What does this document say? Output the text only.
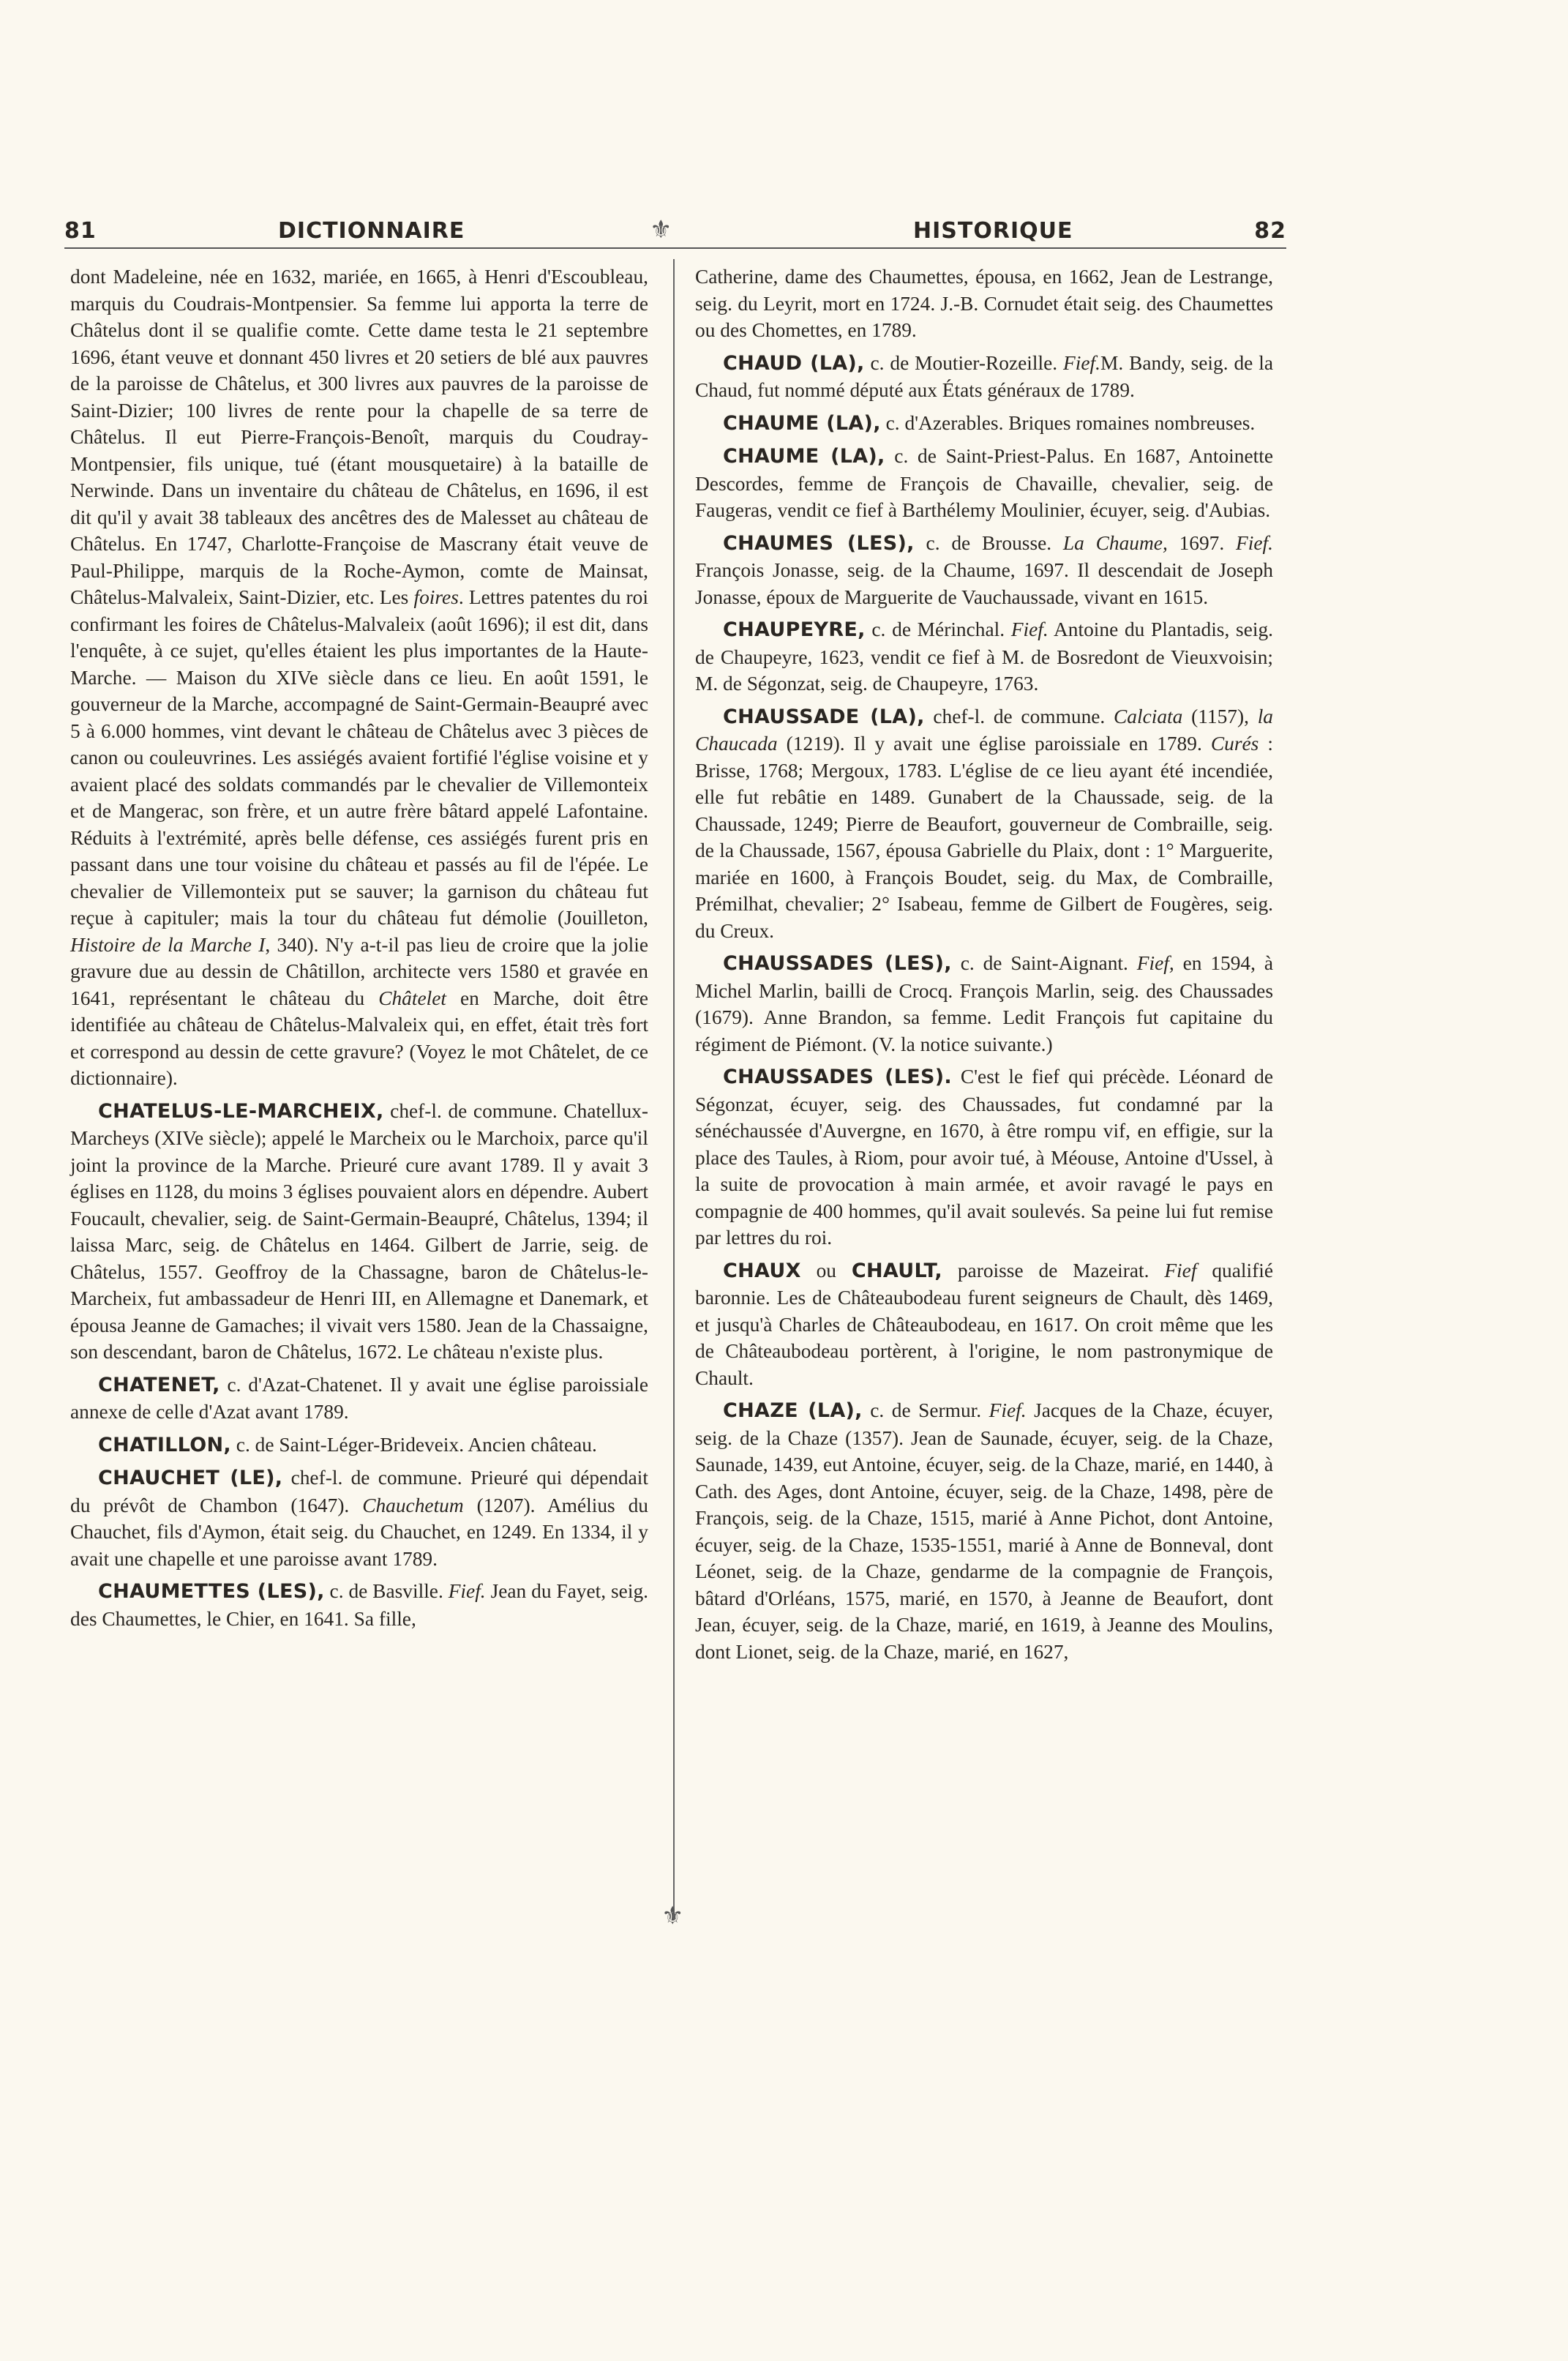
81	DICTIONNAIRE	HISTORIQUE	82
⚜
⚜

dont Madeleine, née en 1632, mariée, en 1665, à Henri d'Escoubleau, marquis du Coudrais-Montpensier. Sa femme lui apporta la terre de Châtelus dont il se qualifie comte. Cette dame testa le 21 septembre 1696, étant veuve et donnant 450 livres et 20 setiers de blé aux pauvres de la paroisse de Châtelus, et 300 livres aux pauvres de la paroisse de Saint-Dizier; 100 livres de rente pour la chapelle de sa terre de Châtelus. Il eut Pierre-François-Benoît, marquis du Coudray-Montpensier, fils unique, tué (étant mousquetaire) à la bataille de Nerwinde. Dans un inventaire du château de Châtelus, en 1696, il est dit qu'il y avait 38 tableaux des ancêtres des de Malesset au château de Châtelus. En 1747, Charlotte-Françoise de Mascrany était veuve de Paul-Philippe, marquis de la Roche-Aymon, comte de Mainsat, Châtelus-Malvaleix, Saint-Dizier, etc. Les foires. Lettres patentes du roi confirmant les foires de Châtelus-Malvaleix (août 1696); il est dit, dans l'enquête, à ce sujet, qu'elles étaient les plus importantes de la Haute-Marche. — Maison du XIVe siècle dans ce lieu. En août 1591, le gouverneur de la Marche, accompagné de Saint-Germain-Beaupré avec 5 à 6.000 hommes, vint devant le château de Châtelus avec 3 pièces de canon ou couleuvrines. Les assiégés avaient fortifié l'église voisine et y avaient placé des soldats commandés par le chevalier de Villemonteix et de Mangerac, son frère, et un autre frère bâtard appelé Lafontaine. Réduits à l'extrémité, après belle défense, ces assiégés furent pris en passant dans une tour voisine du château et passés au fil de l'épée. Le chevalier de Villemonteix put se sauver; la garnison du château fut reçue à capituler; mais la tour du château fut démolie (Jouilleton, Histoire de la Marche I, 340). N'y a-t-il pas lieu de croire que la jolie gravure due au dessin de Châtillon, architecte vers 1580 et gravée en 1641, représentant le château du Châtelet en Marche, doit être identifiée au château de Châtelus-Malvaleix qui, en effet, était très fort et correspond au dessin de cette gravure? (Voyez le mot Châtelet, de ce dictionnaire).

CHATELUS-LE-MARCHEIX, chef-l. de commune. Chatellux-Marcheys (XIVe siècle); appelé le Marcheix ou le Marchoix, parce qu'il joint la province de la Marche. Prieuré cure avant 1789. Il y avait 3 églises en 1128, du moins 3 églises pouvaient alors en dépendre. Aubert Foucault, chevalier, seig. de Saint-Germain-Beaupré, Châtelus, 1394; il laissa Marc, seig. de Châtelus en 1464. Gilbert de Jarrie, seig. de Châtelus, 1557. Geoffroy de la Chassagne, baron de Châtelus-le-Marcheix, fut ambassadeur de Henri III, en Allemagne et Danemark, et épousa Jeanne de Gamaches; il vivait vers 1580. Jean de la Chassaigne, son descendant, baron de Châtelus, 1672. Le château n'existe plus.

CHATENET, c. d'Azat-Chatenet. Il y avait une église paroissiale annexe de celle d'Azat avant 1789.

CHATILLON, c. de Saint-Léger-Brideveix. Ancien château.

CHAUCHET (LE), chef-l. de commune. Prieuré qui dépendait du prévôt de Chambon (1647). Chauchetum (1207). Amélius du Chauchet, fils d'Aymon, était seig. du Chauchet, en 1249. En 1334, il y avait une chapelle et une paroisse avant 1789.

CHAUMETTES (LES), c. de Basville. Fief. Jean du Fayet, seig. des Chaumettes, le Chier, en 1641. Sa fille,

Catherine, dame des Chaumettes, épousa, en 1662, Jean de Lestrange, seig. du Leyrit, mort en 1724. J.-B. Cornudet était seig. des Chaumettes ou des Chomettes, en 1789.

CHAUD (LA), c. de Moutier-Rozeille. Fief.M. Bandy, seig. de la Chaud, fut nommé député aux États généraux de 1789.

CHAUME (LA), c. d'Azerables. Briques romaines nombreuses.

CHAUME (LA), c. de Saint-Priest-Palus. En 1687, Antoinette Descordes, femme de François de Chavaille, chevalier, seig. de Faugeras, vendit ce fief à Barthélemy Moulinier, écuyer, seig. d'Aubias.

CHAUMES (LES), c. de Brousse. La Chaume, 1697. Fief. François Jonasse, seig. de la Chaume, 1697. Il descendait de Joseph Jonasse, époux de Marguerite de Vauchaussade, vivant en 1615.

CHAUPEYRE, c. de Mérinchal. Fief. Antoine du Plantadis, seig. de Chaupeyre, 1623, vendit ce fief à M. de Bosredont de Vieuxvoisin; M. de Ségonzat, seig. de Chaupeyre, 1763.

CHAUSSADE (LA), chef-l. de commune. Calciata (1157), la Chaucada (1219). Il y avait une église paroissiale en 1789. Curés : Brisse, 1768; Mergoux, 1783. L'église de ce lieu ayant été incendiée, elle fut rebâtie en 1489. Gunabert de la Chaussade, seig. de la Chaussade, 1249; Pierre de Beaufort, gouverneur de Combraille, seig. de la Chaussade, 1567, épousa Gabrielle du Plaix, dont : 1° Marguerite, mariée en 1600, à François Boudet, seig. du Max, de Combraille, Prémilhat, chevalier; 2° Isabeau, femme de Gilbert de Fougères, seig. du Creux.

CHAUSSADES (LES), c. de Saint-Aignant. Fief, en 1594, à Michel Marlin, bailli de Crocq. François Marlin, seig. des Chaussades (1679). Anne Brandon, sa femme. Ledit François fut capitaine du régiment de Piémont. (V. la notice suivante.)

CHAUSSADES (LES). C'est le fief qui précède. Léonard de Ségonzat, écuyer, seig. des Chaussades, fut condamné par la sénéchaussée d'Auvergne, en 1670, à être rompu vif, en effigie, sur la place des Taules, à Riom, pour avoir tué, à Méouse, Antoine d'Ussel, à la suite de provocation à main armée, et avoir ravagé le pays en compagnie de 400 hommes, qu'il avait soulevés. Sa peine lui fut remise par lettres du roi.

CHAUX ou CHAULT, paroisse de Mazeirat. Fief qualifié baronnie. Les de Châteaubodeau furent seigneurs de Chault, dès 1469, et jusqu'à Charles de Châteaubodeau, en 1617. On croit même que les de Châteaubodeau portèrent, à l'origine, le nom pastronymique de Chault.

CHAZE (LA), c. de Sermur. Fief. Jacques de la Chaze, écuyer, seig. de la Chaze (1357). Jean de Saunade, écuyer, seig. de la Chaze, Saunade, 1439, eut Antoine, écuyer, seig. de la Chaze, marié, en 1440, à Cath. des Ages, dont Antoine, écuyer, seig. de la Chaze, 1498, père de François, seig. de la Chaze, 1515, marié à Anne Pichot, dont Antoine, écuyer, seig. de la Chaze, 1535-1551, marié à Anne de Bonneval, dont Léonet, seig. de la Chaze, gendarme de la compagnie de François, bâtard d'Orléans, 1575, marié, en 1570, à Jeanne de Beaufort, dont Jean, écuyer, seig. de la Chaze, marié, en 1619, à Jeanne des Moulins, dont Lionet, seig. de la Chaze, marié, en 1627,
